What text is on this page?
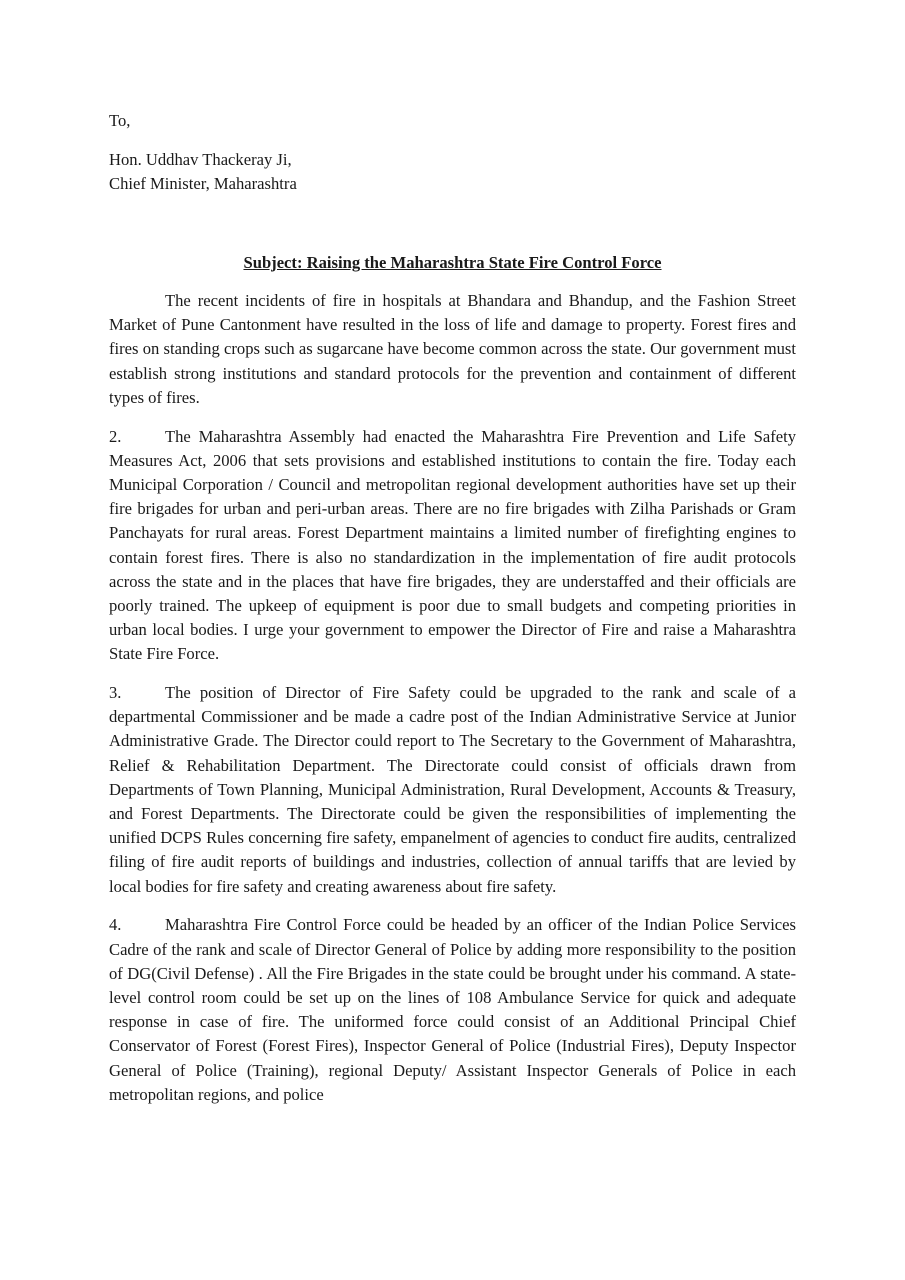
To,
Hon. Uddhav Thackeray Ji,
Chief Minister, Maharashtra
Subject: Raising the Maharashtra State Fire Control Force

The recent incidents of fire in hospitals at Bhandara and Bhandup, and the Fashion Street Market of Pune Cantonment have resulted in the loss of life and damage to property. Forest fires and fires on standing crops such as sugarcane have become common across the state. Our government must establish strong institutions and standard protocols for the prevention and containment of different types of fires.

2.	The Maharashtra Assembly had enacted the Maharashtra Fire Prevention and Life Safety Measures Act, 2006 that sets provisions and established institutions to contain the fire. Today each Municipal Corporation / Council and metropolitan regional development authorities have set up their fire brigades for urban and peri-urban areas. There are no fire brigades with Zilha Parishads or Gram Panchayats for rural areas. Forest Department maintains a limited number of firefighting engines to contain forest fires. There is also no standardization in the implementation of fire audit protocols across the state and in the places that have fire brigades, they are understaffed and their officials are poorly trained. The upkeep of equipment is poor due to small budgets and competing priorities in urban local bodies. I urge your government to empower the Director of Fire and raise a Maharashtra State Fire Force.

3.	The position of Director of Fire Safety could be upgraded to the rank and scale of a departmental Commissioner and be made a cadre post of the Indian Administrative Service at Junior Administrative Grade. The Director could report to The Secretary to the Government of Maharashtra, Relief & Rehabilitation Department. The Directorate could consist of officials drawn from Departments of Town Planning, Municipal Administration, Rural Development, Accounts & Treasury, and Forest Departments. The Directorate could be given the responsibilities of implementing the unified DCPS Rules concerning fire safety, empanelment of agencies to conduct fire audits, centralized filing of fire audit reports of buildings and industries, collection of annual tariffs that are levied by local bodies for fire safety and creating awareness about fire safety.

4.	Maharashtra Fire Control Force could be headed by an officer of the Indian Police Services Cadre of the rank and scale of Director General of Police by adding more responsibility to the position of DG(Civil Defense) . All the Fire Brigades in the state could be brought under his command. A state-level control room could be set up on the lines of 108 Ambulance Service for quick and adequate response in case of fire. The uniformed force could consist of an Additional Principal Chief Conservator of Forest (Forest Fires), Inspector General of Police (Industrial Fires), Deputy Inspector General of Police (Training), regional Deputy/ Assistant Inspector Generals of Police in each metropolitan regions, and police
